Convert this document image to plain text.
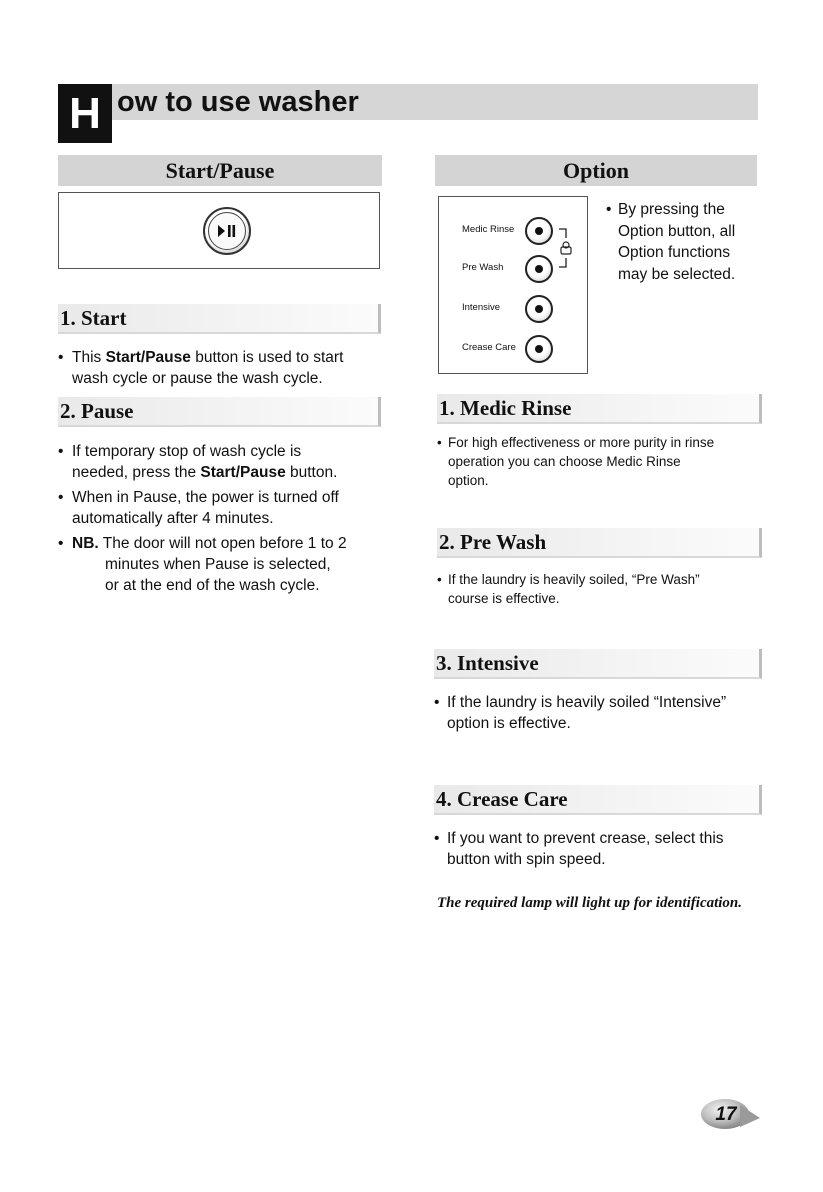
H ow to use washer
Start/Pause
1. Start
• This Start/Pause button is used to start
wash cycle or pause the wash cycle.
2. Pause
• If temporary stop of wash cycle is
needed, press the Start/Pause button.
• When in Pause, the power is turned off
automatically after 4 minutes.
• NB. The door will not open before 1 to 2
minutes when Pause is selected,
or at the end of the wash cycle.
Option
Medic Rinse
Pre Wash
Intensive
Crease Care
• By pressing the
Option button, all
Option functions
may be selected.
1. Medic Rinse
• For high effectiveness or more purity in rinse
operation you can choose Medic Rinse
option.
2. Pre Wash
• If the laundry is heavily soiled, “Pre Wash”
course is effective.
3. Intensive
• If the laundry is heavily soiled “Intensive”
option is effective.
4. Crease Care
• If you want to prevent crease, select this
button with spin speed.
The required lamp will light up for identification.
17
